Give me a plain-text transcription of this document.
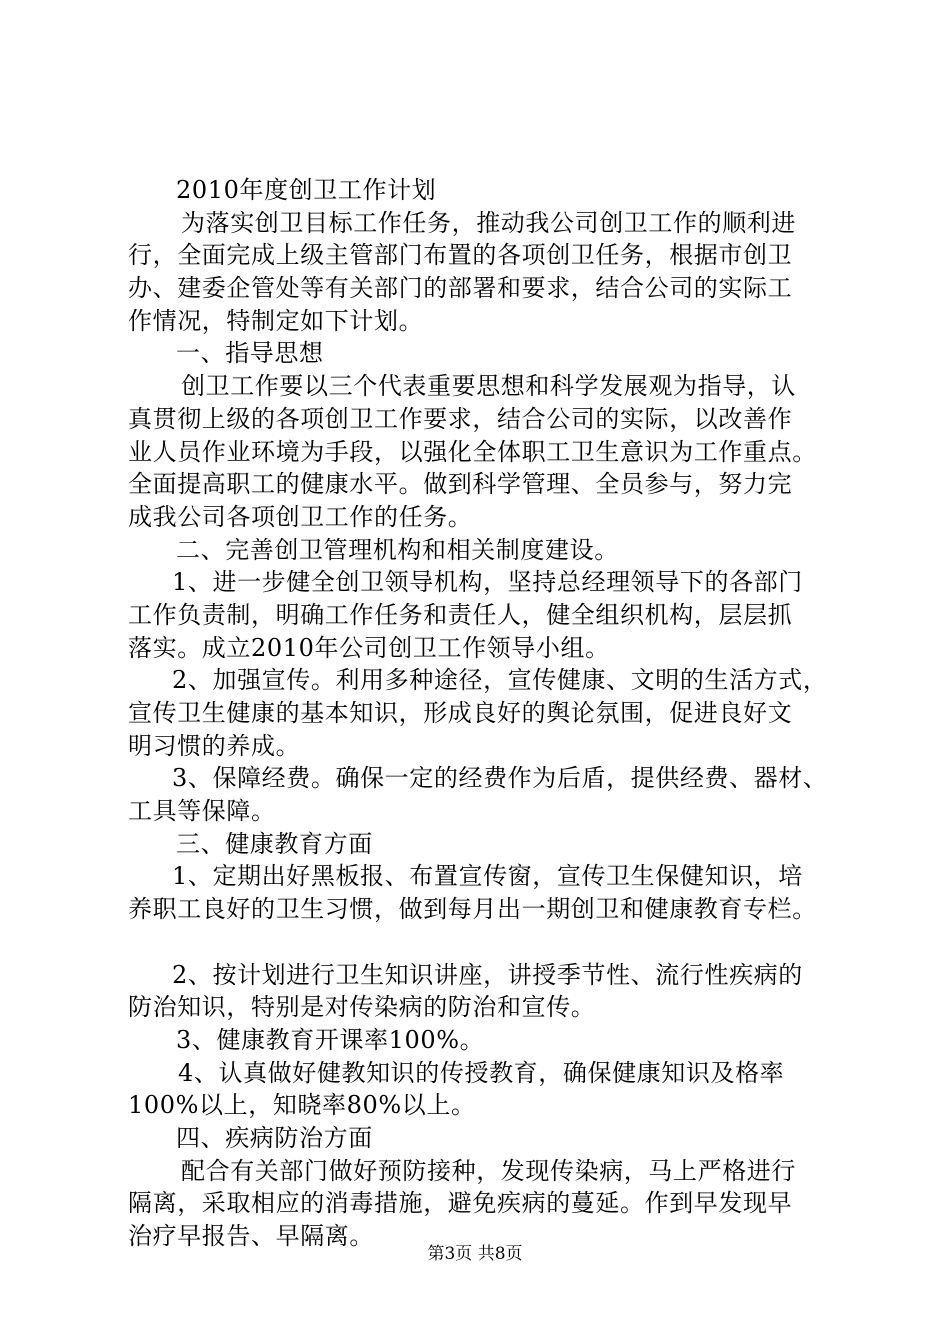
2010年度创卫工作计划
为落实创卫目标工作任务，推动我公司创卫工作的顺利进
行，全面完成上级主管部门布置的各项创卫任务，根据市创卫
办、建委企管处等有关部门的部署和要求，结合公司的实际工
作情况，特制定如下计划。
一、指导思想
创卫工作要以三个代表重要思想和科学发展观为指导，认
真贯彻上级的各项创卫工作要求，结合公司的实际，以改善作
业人员作业环境为手段，以强化全体职工卫生意识为工作重点。
全面提高职工的健康水平。做到科学管理、全员参与，努力完
成我公司各项创卫工作的任务。
二、完善创卫管理机构和相关制度建设。
1、进一步健全创卫领导机构，坚持总经理领导下的各部门
工作负责制，明确工作任务和责任人，健全组织机构，层层抓
落实。成立2010年公司创卫工作领导小组。
2、加强宣传。利用多种途径，宣传健康、文明的生活方式，
宣传卫生健康的基本知识，形成良好的舆论氛围，促进良好文
明习惯的养成。
3、保障经费。确保一定的经费作为后盾，提供经费、器材、
工具等保障。
三、健康教育方面
1、定期出好黑板报、布置宣传窗，宣传卫生保健知识，培
养职工良好的卫生习惯，做到每月出一期创卫和健康教育专栏。
2、按计划进行卫生知识讲座，讲授季节性、流行性疾病的
防治知识，特别是对传染病的防治和宣传。
3、健康教育开课率100%。
4、认真做好健教知识的传授教育，确保健康知识及格率
100%以上，知晓率80%以上。
四、疾病防治方面
配合有关部门做好预防接种，发现传染病，马上严格进行
隔离，采取相应的消毒措施，避免疾病的蔓延。作到早发现早
治疗早报告、早隔离。
第3页 共8页
